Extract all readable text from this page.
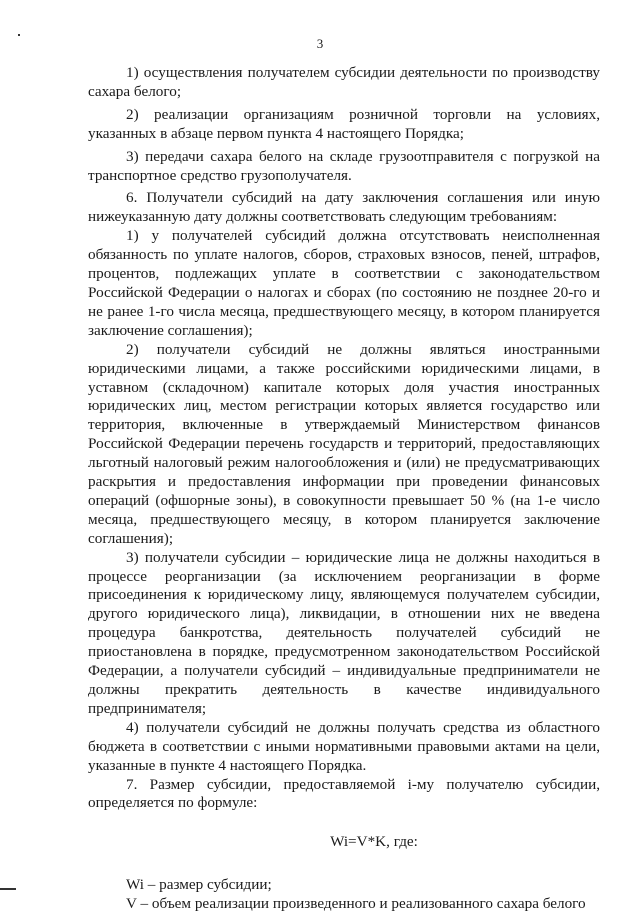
3

1) осуществления получателем субсидии деятельности по производству сахара белого;

2) реализации организациям розничной торговли на условиях, указанных в абзаце первом пункта 4 настоящего Порядка;

3) передачи сахара белого на складе грузоотправителя с погрузкой на транспортное средство грузополучателя.

6. Получатели субсидий на дату заключения соглашения или иную нижеуказанную дату должны соответствовать следующим требованиям:

1) у получателей субсидий должна отсутствовать неисполненная обязанность по уплате налогов, сборов, страховых взносов, пеней, штрафов, процентов, подлежащих уплате в соответствии с законодательством Российской Федерации о налогах и сборах (по состоянию не позднее 20-го и не ранее 1-го числа месяца, предшествующего месяцу, в котором планируется заключение соглашения);

2) получатели субсидий не должны являться иностранными юридическими лицами, а также российскими юридическими лицами, в уставном (складочном) капитале которых доля участия иностранных юридических лиц, местом регистрации которых является государство или территория, включенные в утверждаемый Министерством финансов Российской Федерации перечень государств и территорий, предоставляющих льготный налоговый режим налогообложения и (или) не предусматривающих раскрытия и предоставления информации при проведении финансовых операций (офшорные зоны), в совокупности превышает 50 % (на 1-е число месяца, предшествующего месяцу, в котором планируется заключение соглашения);

3) получатели субсидии – юридические лица не должны находиться в процессе реорганизации (за исключением реорганизации в форме присоединения к юридическому лицу, являющемуся получателем субсидии, другого юридического лица), ликвидации, в отношении них не введена процедура банкротства, деятельность получателей субсидий не приостановлена в порядке, предусмотренном законодательством Российской Федерации, а получатели субсидий – индивидуальные предприниматели не должны прекратить деятельность в качестве индивидуального предпринимателя;

4) получатели субсидий не должны получать средства из областного бюджета в соответствии с иными нормативными правовыми актами на цели, указанные в пункте 4 настоящего Порядка.

7. Размер субсидии, предоставляемой i-му получателю субсидии, определяется по формуле:

Wi=V*K, где:

Wi – размер субсидии;

V – объем реализации произведенного и реализованного сахара белого
